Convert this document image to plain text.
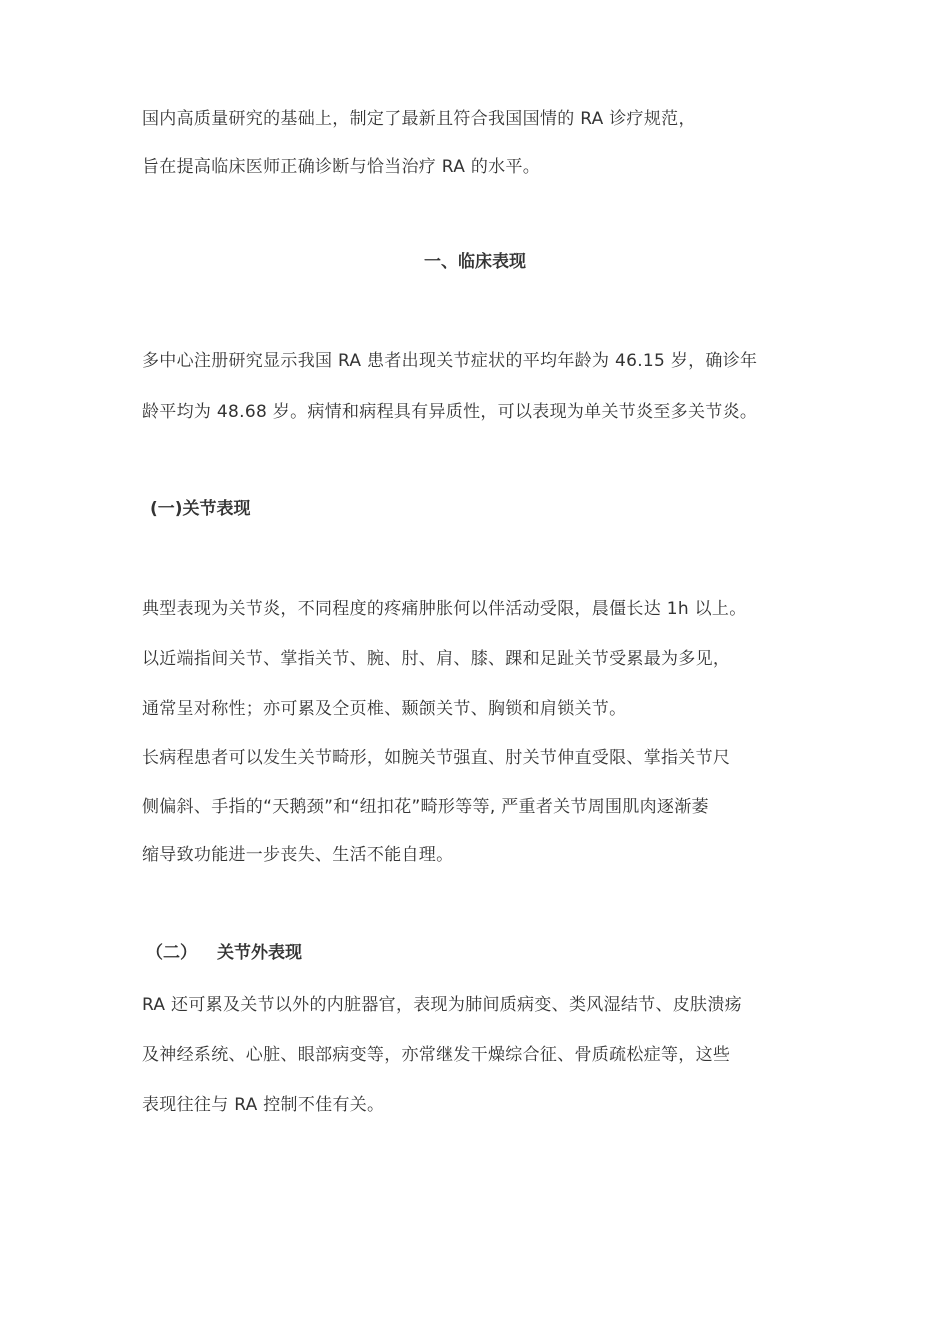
国内高质量研究的基础上，制定了最新且符合我国国情的 RA 诊疗规范，
旨在提高临床医师正确诊断与恰当治疗 RA 的水平。
一、临床表现
多中心注册研究显示我国 RA 患者出现关节症状的平均年龄为 46.15 岁，确诊年
龄平均为 48.68 岁。病情和病程具有异质性，可以表现为单关节炎至多关节炎。
(一)关节表现
典型表现为关节炎，不同程度的疼痛肿胀何以伴活动受限，晨僵长达 1h 以上。
以近端指间关节、掌指关节、腕、肘、肩、膝、踝和足趾关节受累最为多见，
通常呈对称性；亦可累及仝页椎、颞颌关节、胸锁和肩锁关节。
长病程患者可以发生关节畸形，如腕关节强直、肘关节伸直受限、掌指关节尺
侧偏斜、手指的“天鹅颈”和“纽扣花”畸形等等, 严重者关节周围肌肉逐渐萎
缩导致功能进一步丧失、生活不能自理。
（二） 关节外表现
RA 还可累及关节以外的内脏器官，表现为肺间质病变、类风湿结节、皮肤溃疡
及神经系统、心脏、眼部病变等，亦常继发干燥综合征、骨质疏松症等，这些
表现往往与 RA 控制不佳有关。
